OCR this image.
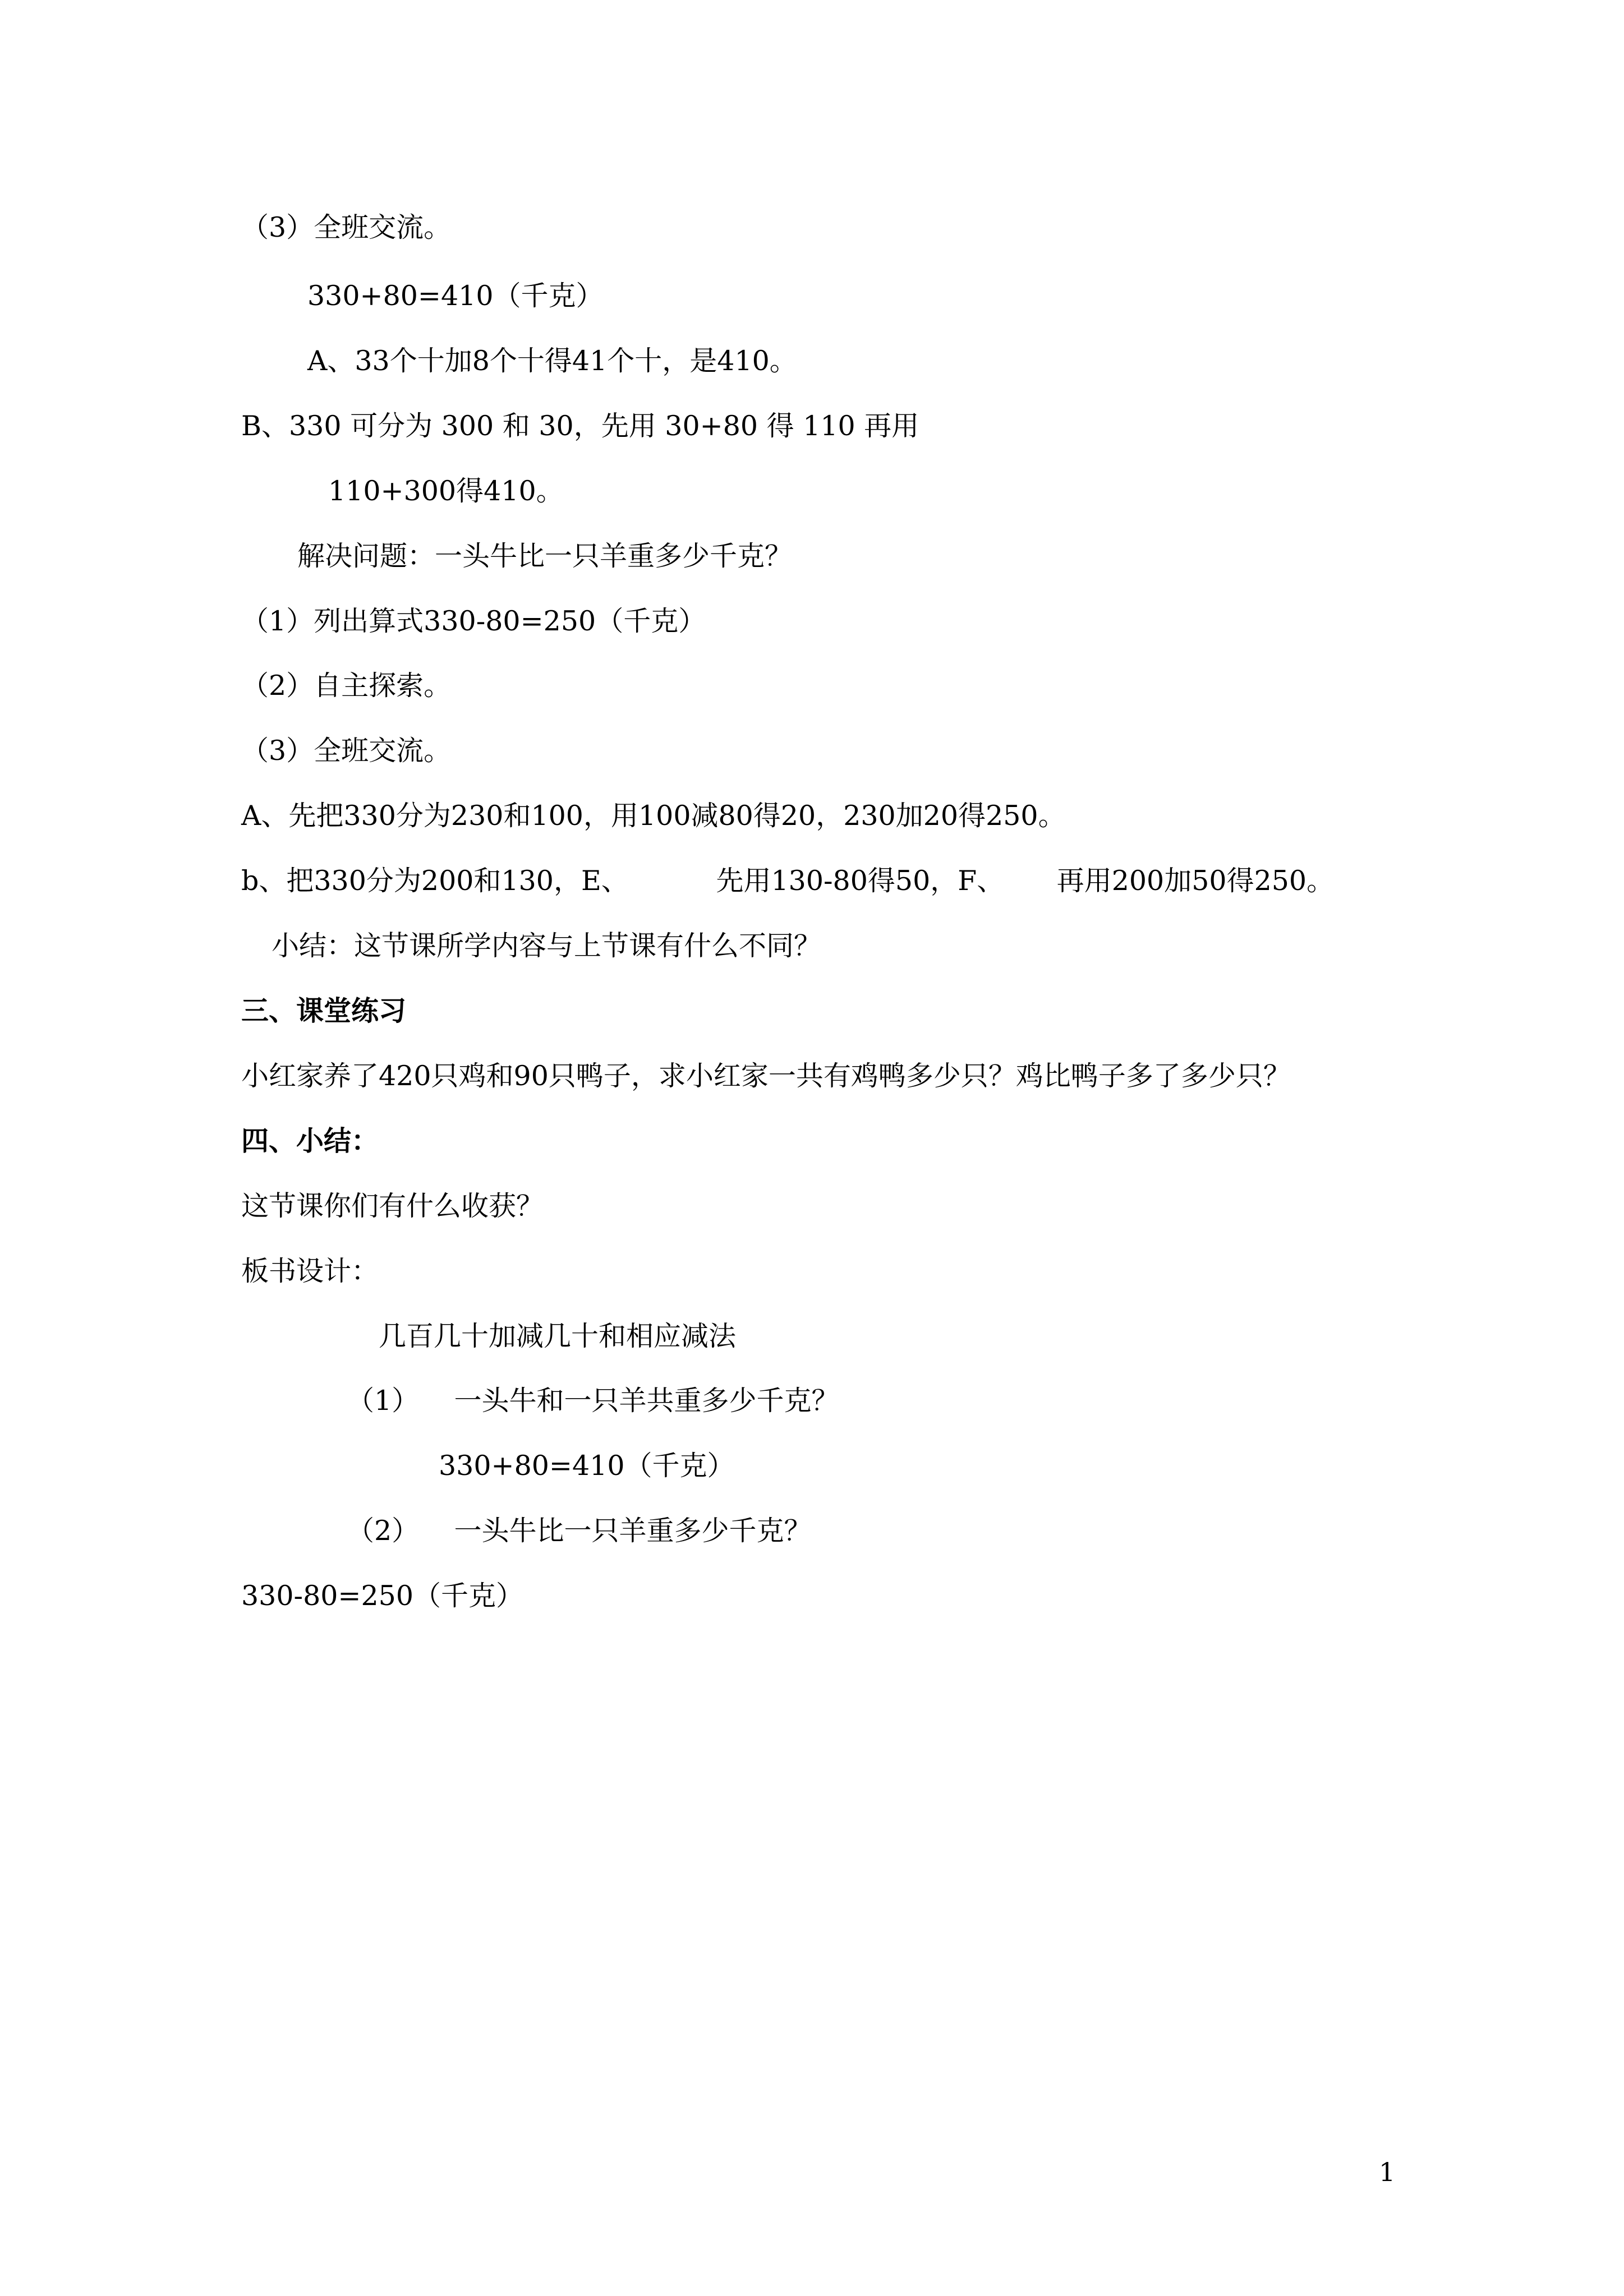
（3）全班交流。
330+80=410（千克）
A、33个十加8个十得41个十，是410。
B、330 可分为 300 和 30，先用 30+80 得 110 再用
110+300得410。
解决问题：一头牛比一只羊重多少千克？
（1）列出算式330-80=250（千克）
（2）自主探索。
（3）全班交流。
A、先把330分为230和100，用100减80得20，230加20得250。
b、把330分为200和130，E、          先用130-80得50，F、      再用200加50得250。
小结：这节课所学内容与上节课有什么不同？
三、课堂练习
小红家养了420只鸡和90只鸭子，求小红家一共有鸡鸭多少只？鸡比鸭子多了多少只？
四、小结：
这节课你们有什么收获？
板书设计：
几百几十加减几十和相应减法
（1）    一头牛和一只羊共重多少千克？
330+80=410（千克）
（2）    一头牛比一只羊重多少千克？
330-80=250（千克）
1
